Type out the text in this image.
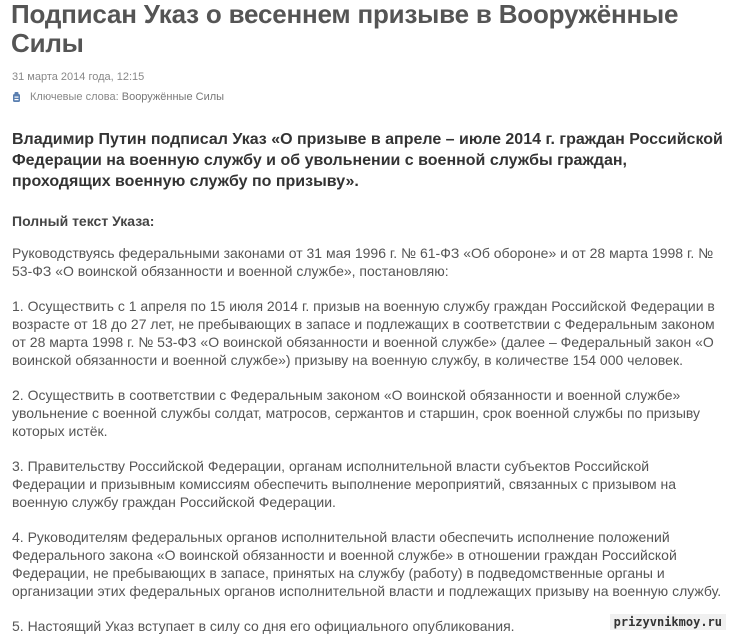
Подписан Указ о весеннем призыве в Вооружённые Силы
31 марта 2014 года, 12:15
Ключевые слова:
Вооружённые Силы

Владимир Путин подписал Указ «О призыве в апреле – июле 2014 г. граждан Российской Федерации на военную службу и об увольнении с военной службы граждан, проходящих военную службу по призыву».

Полный текст Указа:

Руководствуясь федеральными законами от 31 мая 1996 г. № 61-ФЗ «Об обороне» и от 28 марта 1998 г. №
53-ФЗ «О воинской обязанности и военной службе», постановляю:

1. Осуществить с 1 апреля по 15 июля 2014 г. призыв на военную службу граждан Российской Федерации в
возрасте от 18 до 27 лет, не пребывающих в запасе и подлежащих в соответствии с Федеральным законом
от 28 марта 1998 г. № 53-ФЗ «О воинской обязанности и военной службе» (далее – Федеральный закон «О
воинской обязанности и военной службе») призыву на военную службу, в количестве 154 000 человек.

2. Осуществить в соответствии с Федеральным законом «О воинской обязанности и военной службе»
увольнение с военной службы солдат, матросов, сержантов и старшин, срок военной службы по призыву
которых истёк.

3. Правительству Российской Федерации, органам исполнительной власти субъектов Российской
Федерации и призывным комиссиям обеспечить выполнение мероприятий, связанных с призывом на
военную службу граждан Российской Федерации.

4. Руководителям федеральных органов исполнительной власти обеспечить исполнение положений
Федерального закона «О воинской обязанности и военной службе» в отношении граждан Российской
Федерации, не пребывающих в запасе, принятых на службу (работу) в подведомственные органы и
организации этих федеральных органов исполнительной власти и подлежащих призыву на военную службу.

5. Настоящий Указ вступает в силу со дня его официального опубликования.	prizyvnikmoy.ru
